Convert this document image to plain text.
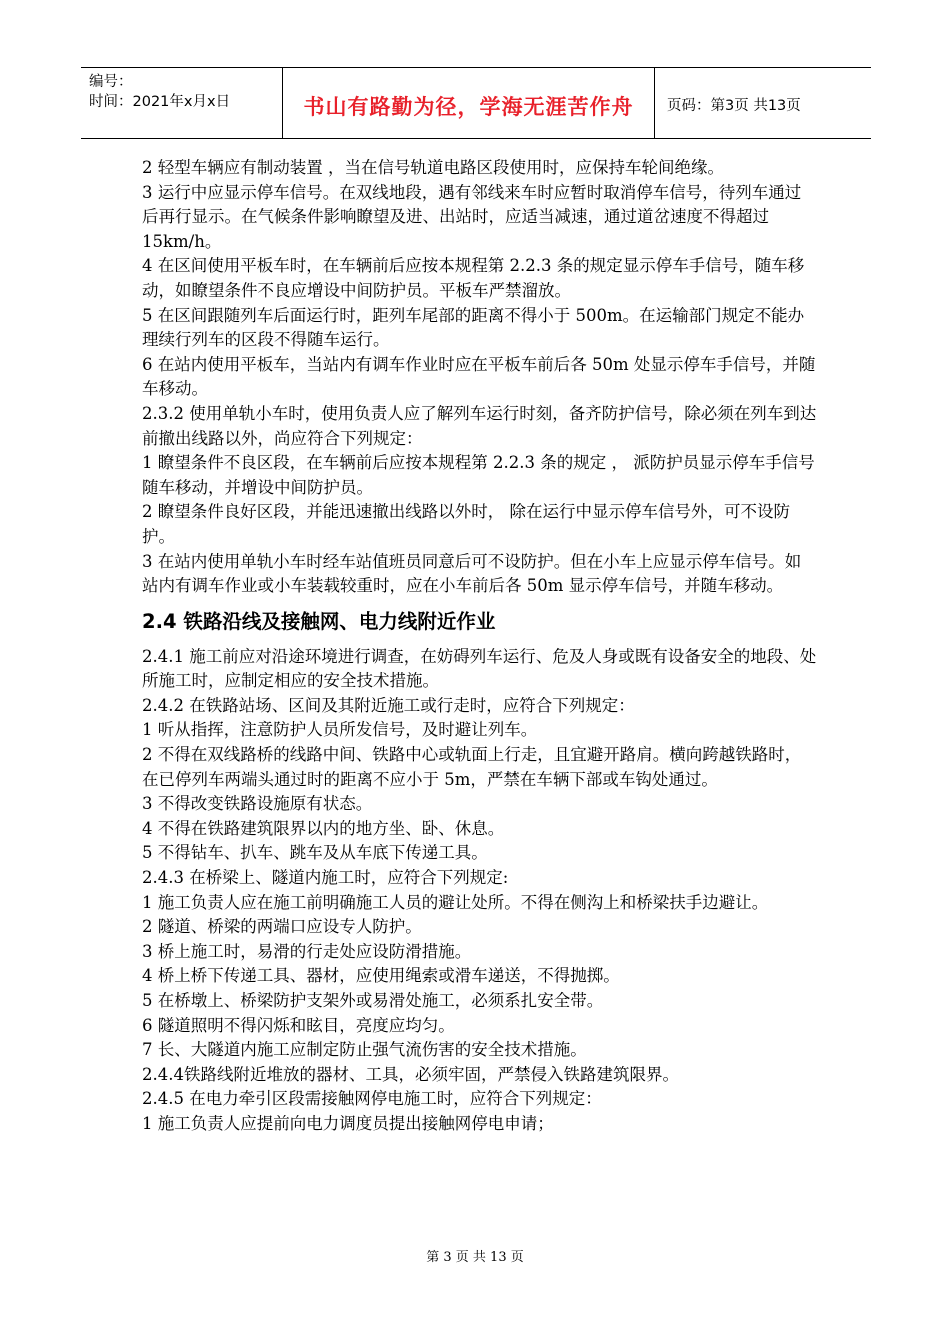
编号：
时间：2021年x月x日	书山有路勤为径，学海无涯苦作舟	页码：第3页 共13页

2 轻型车辆应有制动装置 ，当在信号轨道电路区段使用时，应保持车轮间绝缘。

3 运行中应显示停车信号。在双线地段，遇有邻线来车时应暂时取消停车信号，待列车通过后再行显示。在气候条件影响瞭望及进、出站时，应适当减速，通过道岔速度不得超过 15km/h。

4 在区间使用平板车时，在车辆前后应按本规程第 2.2.3 条的规定显示停车手信号，随车移动，如瞭望条件不良应增设中间防护员。平板车严禁溜放。

5 在区间跟随列车后面运行时，距列车尾部的距离不得小于 500m。在运输部门规定不能办理续行列车的区段不得随车运行。

6 在站内使用平板车，当站内有调车作业时应在平板车前后各 50m 处显示停车手信号，并随车移动。

2.3.2 使用单轨小车时，使用负责人应了解列车运行时刻，备齐防护信号，除必须在列车到达前撤出线路以外，尚应符合下列规定：

1 瞭望条件不良区段，在车辆前后应按本规程第 2.2.3 条的规定 ， 派防护员显示停车手信号随车移动，并增设中间防护员。

2 瞭望条件良好区段，并能迅速撤出线路以外时， 除在运行中显示停车信号外，可不设防护。

3 在站内使用单轨小车时经车站值班员同意后可不设防护。但在小车上应显示停车信号。如站内有调车作业或小车装载较重时，应在小车前后各 50m 显示停车信号，并随车移动。

2.4 铁路沿线及接触网、电力线附近作业

2.4.1 施工前应对沿途环境进行调查，在妨碍列车运行、危及人身或既有设备安全的地段、处所施工时，应制定相应的安全技术措施。

2.4.2 在铁路站场、区间及其附近施工或行走时，应符合下列规定：

1 听从指挥，注意防护人员所发信号，及时避让列车。

2 不得在双线路桥的线路中间、铁路中心或轨面上行走，且宜避开路肩。横向跨越铁路时，在已停列车两端头通过时的距离不应小于 5m，严禁在车辆下部或车钩处通过。

3 不得改变铁路设施原有状态。

4 不得在铁路建筑限界以内的地方坐、卧、休息。

5 不得钻车、扒车、跳车及从车底下传递工具。

2.4.3 在桥梁上、隧道内施工时，应符合下列规定:

1 施工负责人应在施工前明确施工人员的避让处所。不得在侧沟上和桥梁扶手边避让。

2 隧道、桥梁的两端口应设专人防护。

3 桥上施工时，易滑的行走处应设防滑措施。

4 桥上桥下传递工具、器材，应使用绳索或滑车递送，不得抛掷。

5 在桥墩上、桥梁防护支架外或易滑处施工，必须系扎安全带。

6 隧道照明不得闪烁和眩目，亮度应均匀。

7 长、大隧道内施工应制定防止强气流伤害的安全技术措施。

2.4.4铁路线附近堆放的器材、工具，必须牢固，严禁侵入铁路建筑限界。

2.4.5 在电力牵引区段需接触网停电施工时，应符合下列规定：

1 施工负责人应提前向电力调度员提出接触网停电申请；

第 3 页 共 13 页
